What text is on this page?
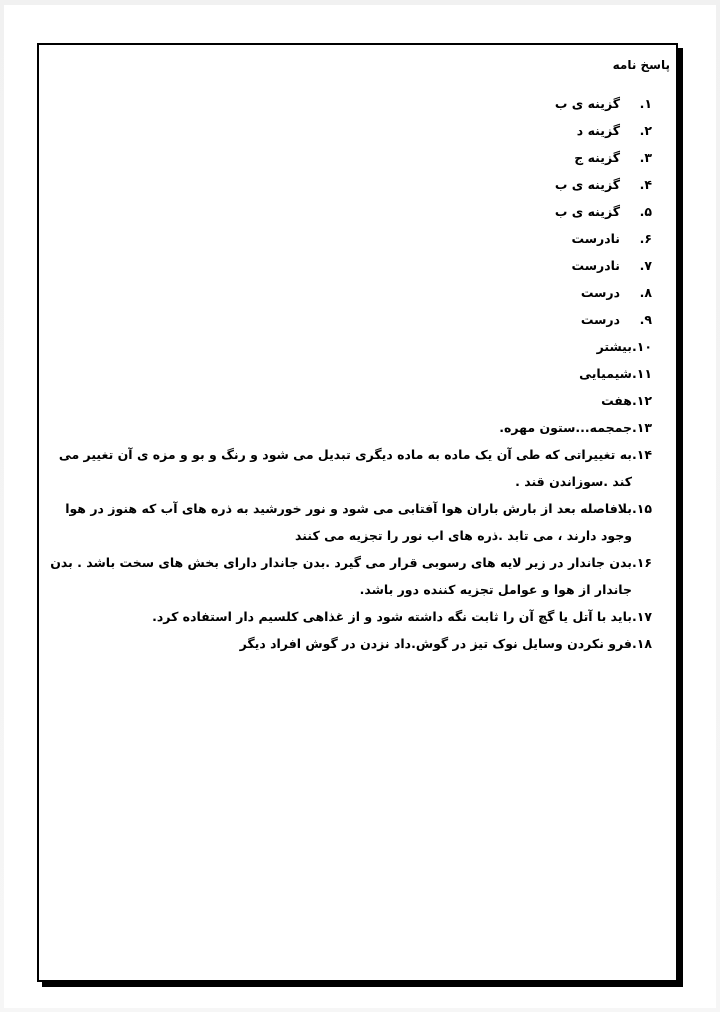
پاسخ نامه
۱.
گزینه ی ب
۲.
گزینه د
۳.
گزینه ج
۴.
گزینه ی ب
۵.
گزینه ی ب
۶.
نادرست
۷.
نادرست
۸.
درست
۹.
درست
۱۰.
بیشتر
۱۱.
شیمیایی
۱۲.
هفت
۱۳.
جمجمه...ستون مهره.
۱۴.
به تغییراتی که طی آن یک ماده به ماده دیگری تبدیل می شود و رنگ و بو و مزه ی آن تغییر می کند .سوزاندن قند .
۱۵.
بلافاصله بعد از بارش باران هوا آفتابی می شود و نور خورشید به ذره های آب که هنوز در هوا وجود دارند ، می تابد .ذره های اب نور را تجزیه می کنند
۱۶.
بدن جاندار در زیر لایه های رسوبی قرار می گیرد .بدن جاندار دارای بخش های سخت باشد . بدن جاندار از هوا و عوامل تجزیه کننده دور باشد.
۱۷.
باید با آتل یا گچ آن را ثابت نگه داشته شود و از غذاهی کلسیم دار استفاده کرد.
۱۸.
فرو نکردن وسایل نوک تیز در گوش.داد نزدن در گوش افراد دیگر
